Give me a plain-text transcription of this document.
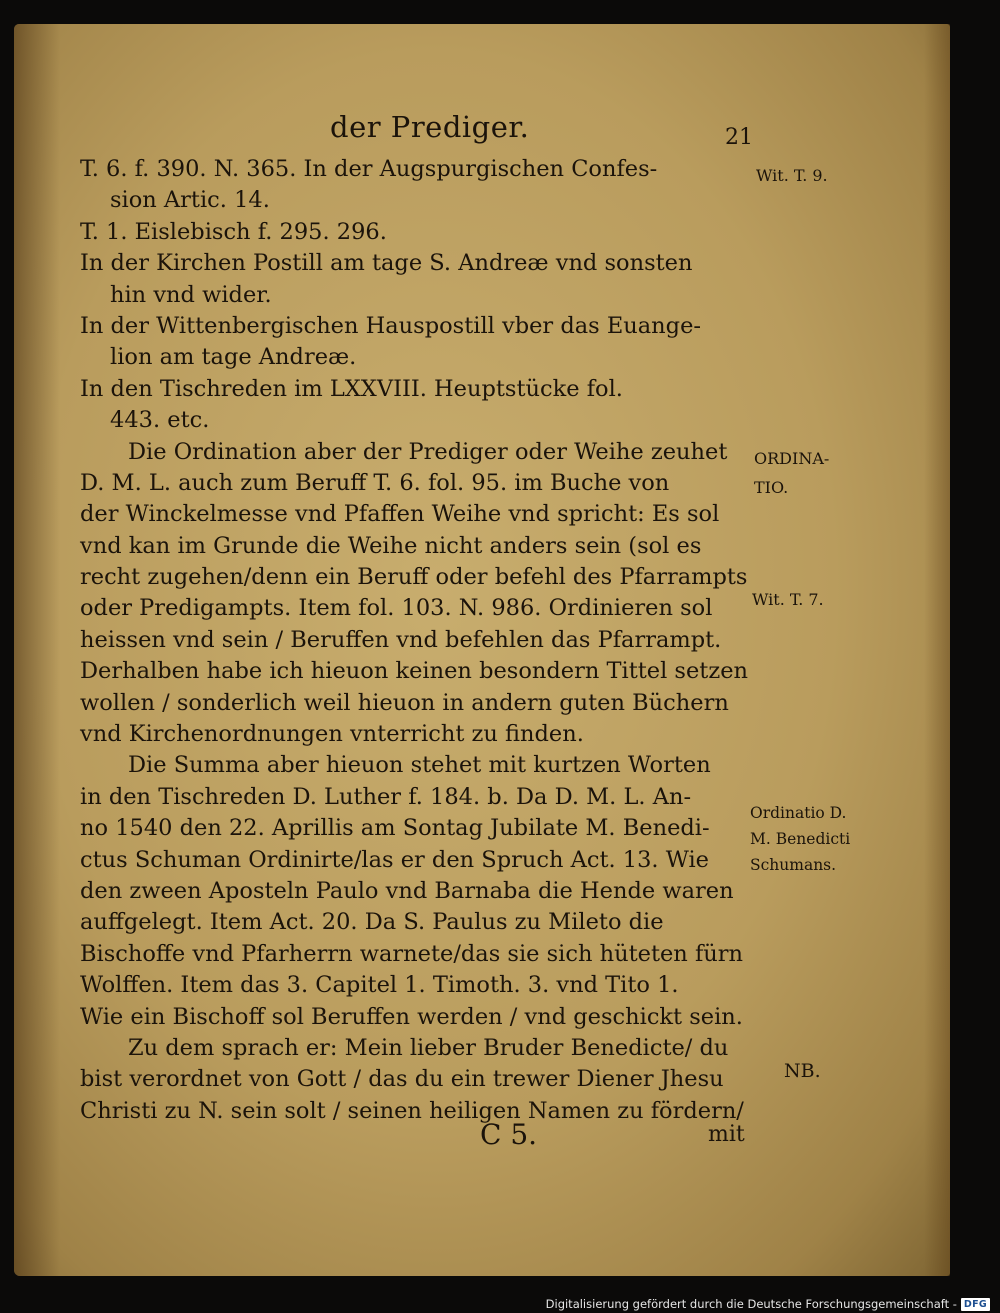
der Prediger.	21
T. 6. f. 390. N. 365. In der Augspurgischen Confes-
sion Artic. 14.
T. 1. Eislebisch f. 295. 296.
In der Kirchen Postill am tage S. Andreæ vnd sonsten
hin vnd wider.
In der Wittenbergischen Hauspostill vber das Euange-
lion am tage Andreæ.
In den Tischreden im LXXVIII. Heuptstücke fol.
443. etc.
Die Ordination aber der Prediger oder Weihe zeuhet
D. M. L. auch zum Beruff T. 6. fol. 95. im Buche von
der Winckelmesse vnd Pfaffen Weihe vnd spricht: Es sol
vnd kan im Grunde die Weihe nicht anders sein (sol es
recht zugehen/denn ein Beruff oder befehl des Pfarrampts
oder Predigampts. Item fol. 103. N. 986. Ordinieren sol
heissen vnd sein / Beruffen vnd befehlen das Pfarrampt.
Derhalben habe ich hieuon keinen besondern Tittel setzen
wollen / sonderlich weil hieuon in andern guten Büchern
vnd Kirchenordnungen vnterricht zu finden.
Die Summa aber hieuon stehet mit kurtzen Worten
in den Tischreden D. Luther f. 184. b. Da D. M. L. An-
no 1540 den 22. Aprillis am Sontag Jubilate M. Benedi-
ctus Schuman Ordinirte/las er den Spruch Act. 13. Wie
den zween Aposteln Paulo vnd Barnaba die Hende waren
auffgelegt. Item Act. 20. Da S. Paulus zu Mileto die
Bischoffe vnd Pfarherrn warnete/das sie sich hüteten fürn
Wolffen. Item das 3. Capitel 1. Timoth. 3. vnd Tito 1.
Wie ein Bischoff sol Beruffen werden / vnd geschickt sein.
Zu dem sprach er: Mein lieber Bruder Benedicte/ du
bist verordnet von Gott / das du ein trewer Diener Jhesu
Christi zu N. sein solt / seinen heiligen Namen zu fördern/
Wit. T. 9.
ORDINA-
TIO.
Wit. T. 7.
Ordinatio D.
M. Benedicti
Schumans.
NB.
C 5.	mit
Digitalisierung gefördert durch die Deutsche Forschungsgemeinschaft - DFG
